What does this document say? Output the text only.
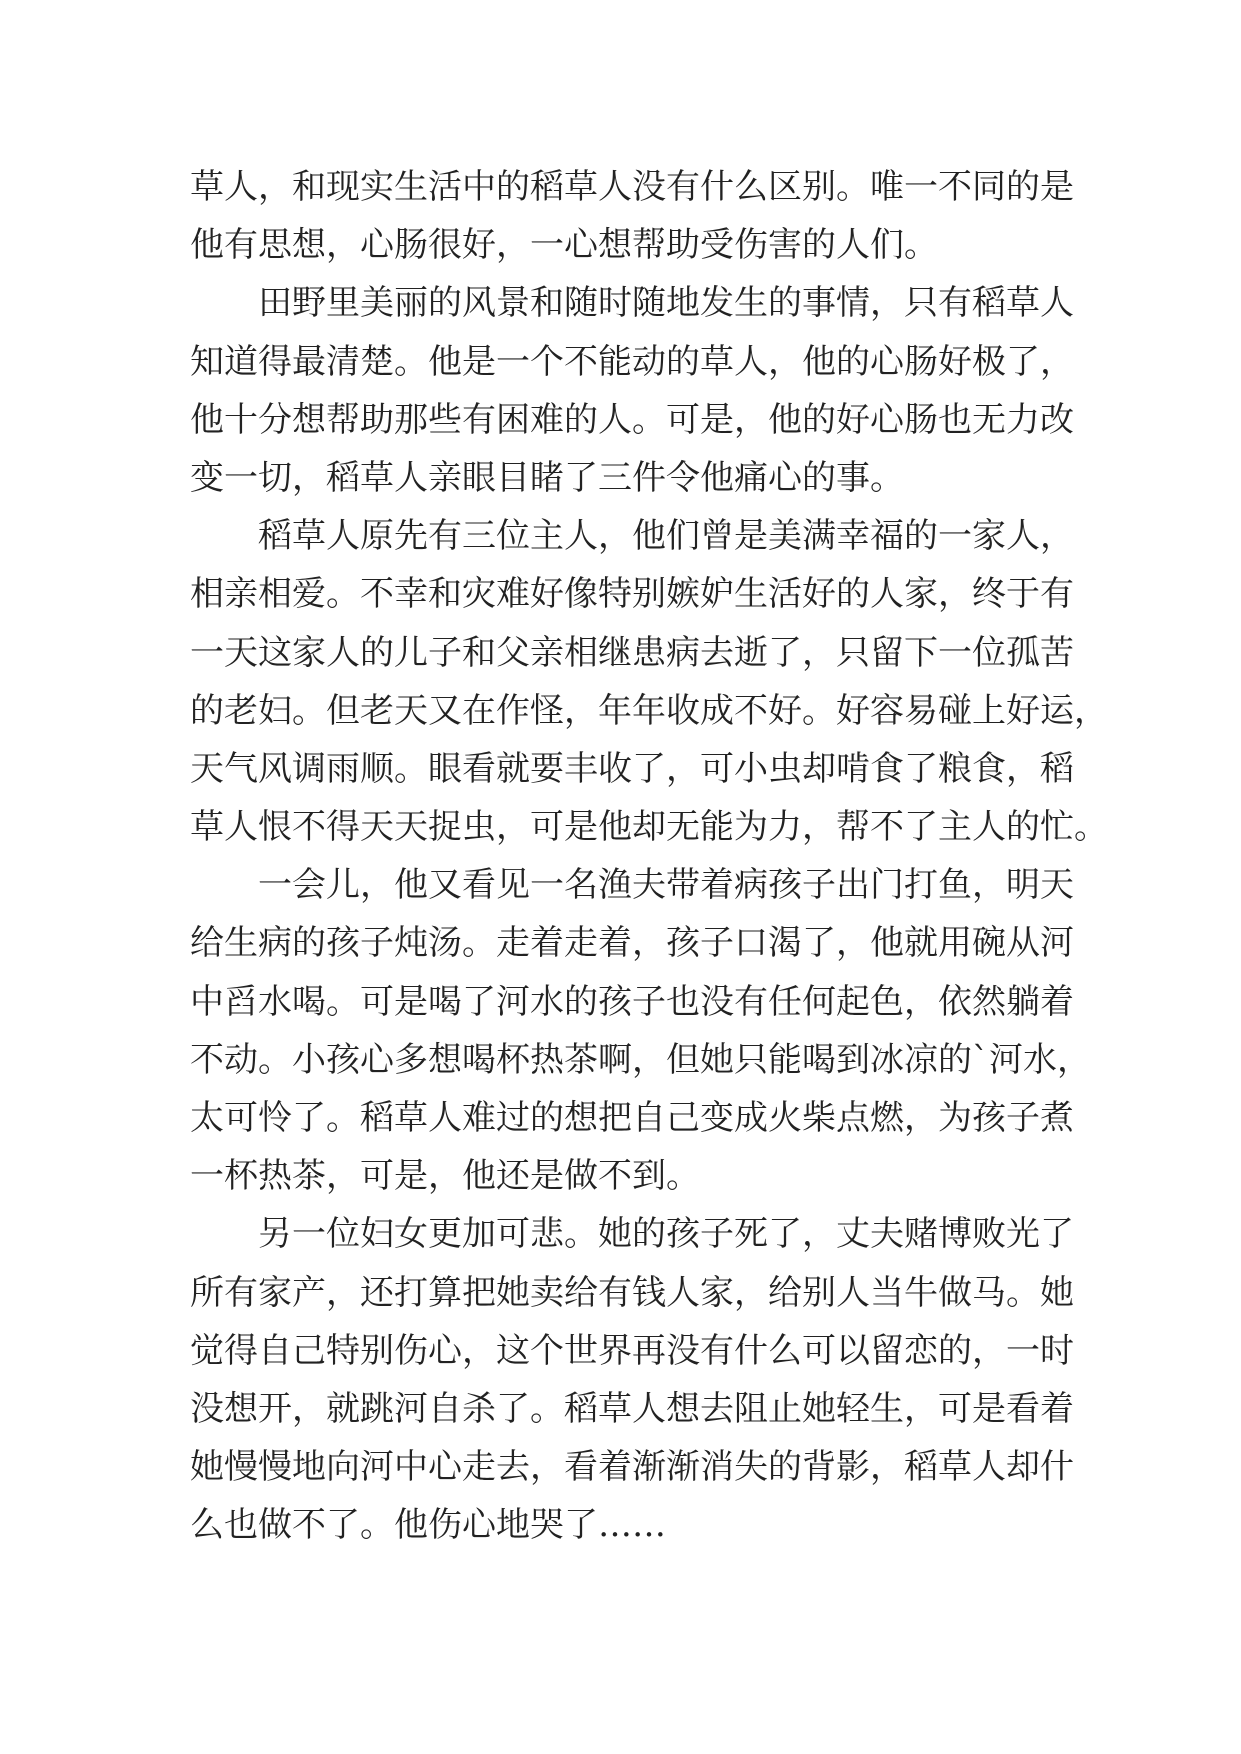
草人，和现实生活中的稻草人没有什么区别。唯一不同的是
他有思想，心肠很好，一心想帮助受伤害的人们。
田野里美丽的风景和随时随地发生的事情，只有稻草人
知道得最清楚。他是一个不能动的草人，他的心肠好极了，
他十分想帮助那些有困难的人。可是，他的好心肠也无力改
变一切，稻草人亲眼目睹了三件令他痛心的事。
稻草人原先有三位主人，他们曾是美满幸福的一家人，
相亲相爱。不幸和灾难好像特别嫉妒生活好的人家，终于有
一天这家人的儿子和父亲相继患病去逝了，只留下一位孤苦
的老妇。但老天又在作怪，年年收成不好。好容易碰上好运，
天气风调雨顺。眼看就要丰收了，可小虫却啃食了粮食，稻
草人恨不得天天捉虫，可是他却无能为力，帮不了主人的忙。
一会儿，他又看见一名渔夫带着病孩子出门打鱼，明天
给生病的孩子炖汤。走着走着，孩子口渴了，他就用碗从河
中舀水喝。可是喝了河水的孩子也没有任何起色，依然躺着
不动。小孩心多想喝杯热茶啊，但她只能喝到冰凉的`河水，
太可怜了。稻草人难过的想把自己变成火柴点燃，为孩子煮
一杯热茶，可是，他还是做不到。
另一位妇女更加可悲。她的孩子死了，丈夫赌博败光了
所有家产，还打算把她卖给有钱人家，给别人当牛做马。她
觉得自己特别伤心，这个世界再没有什么可以留恋的，一时
没想开，就跳河自杀了。稻草人想去阻止她轻生，可是看着
她慢慢地向河中心走去，看着渐渐消失的背影，稻草人却什
么也做不了。他伤心地哭了……
